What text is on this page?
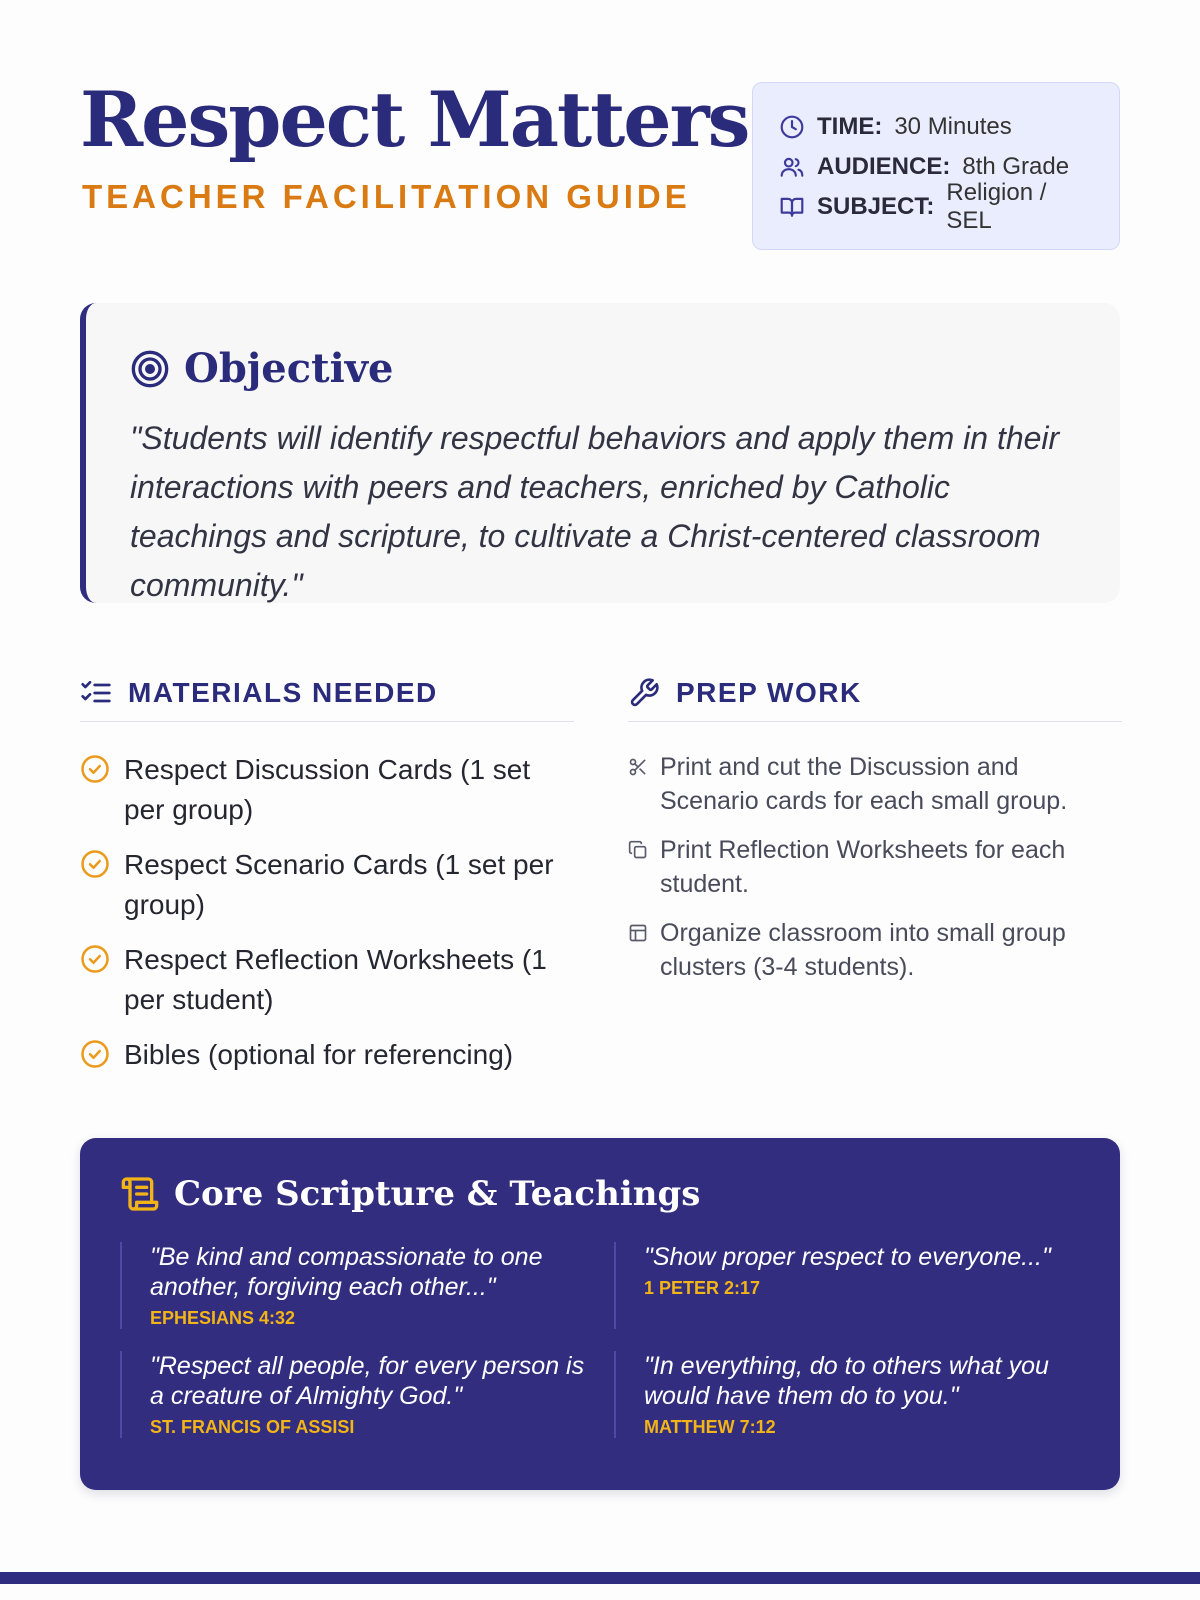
Respect Matters
TEACHER FACILITATION GUIDE
TIME: 30 Minutes
AUDIENCE: 8th Grade
SUBJECT:
Religion / SEL
Objective

"Students will identify respectful behaviors and apply them in their interactions with peers and teachers, enriched by Catholic teachings and scripture, to cultivate a Christ-centered classroom community."

MATERIALS NEEDED
Respect Discussion Cards (1 set per group)
Respect Scenario Cards (1 set per group)
Respect Reflection Worksheets (1 per student)
Bibles (optional for referencing)
PREP WORK
Print and cut the Discussion and Scenario cards for each small group.
Print Reflection Worksheets for each student.
Organize classroom into small group clusters (3-4 students).
Core Scripture & Teachings

"Be kind and compassionate to one another, forgiving each other..."

EPHESIANS 4:32

"Show proper respect to everyone..."

1 PETER 2:17

"Respect all people, for every person is a creature of Almighty God."

ST. FRANCIS OF ASSISI

"In everything, do to others what you would have them do to you."

MATTHEW 7:12
